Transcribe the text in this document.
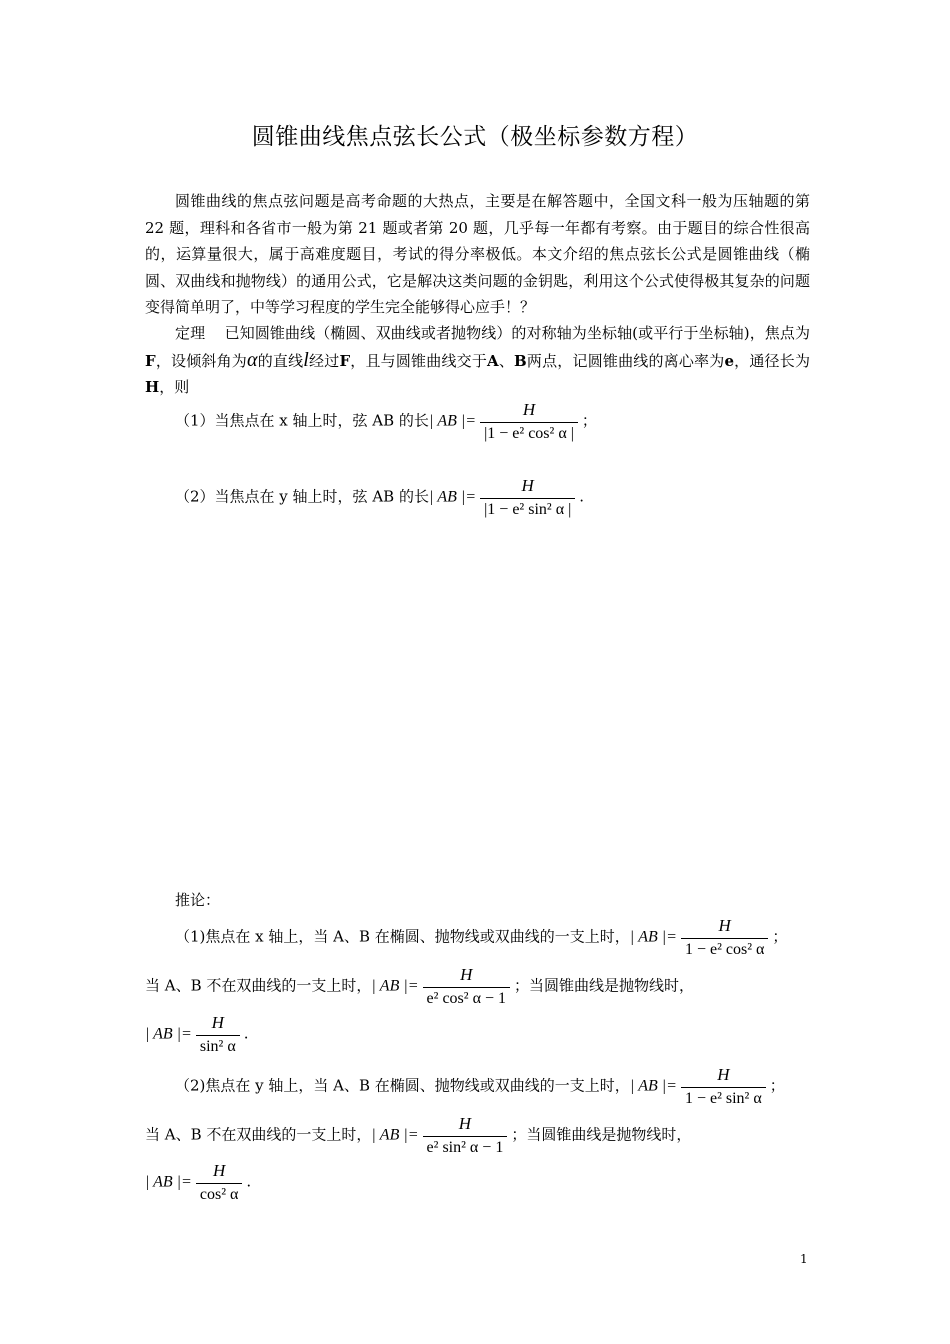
圆锥曲线焦点弦长公式（极坐标参数方程）
圆锥曲线的焦点弦问题是高考命题的大热点，主要是在解答题中，全国文科一般为压轴题的第 22 题，理科和各省市一般为第 21 题或者第 20 题，几乎每一年都有考察。由于题目的综合性很高的，运算量很大，属于高难度题目，考试的得分率极低。本文介绍的焦点弦长公式是圆锥曲线（椭圆、双曲线和抛物线）的通用公式，它是解决这类问题的金钥匙，利用这个公式使得极其复杂的问题变得简单明了，中等学习程度的学生完全能够得心应手！？
定理 已知圆锥曲线（椭圆、双曲线或者抛物线）的对称轴为坐标轴(或平行于坐标轴)，焦点为F，设倾斜角为α的直线l经过F，且与圆锥曲线交于A、B两点，记圆锥曲线的离心率为e，通径长为H，则
（1）当焦点在 x 轴上时，弦 AB 的长| AB |= $\frac{H}{\text{|1 − e² cos² α |}}$ ；
（2）当焦点在 y 轴上时，弦 AB 的长| AB |= $\frac{H}{\text{|1 − e² sin² α |}}$ .
推论：
（1)焦点在 x 轴上，当 A、B 在椭圆、抛物线或双曲线的一支上时，| AB |= $\frac{H}{\text{1 − e² cos² α}}$ ；
当 A、B 不在双曲线的一支上时，| AB |= $\frac{H}{\text{e² cos² α − 1}}$ ；当圆锥曲线是抛物线时，
| AB |= $\frac{H}{\text{sin² α}}$ .
（2)焦点在 y 轴上，当 A、B 在椭圆、抛物线或双曲线的一支上时，| AB |= $\frac{H}{\text{1 − e² sin² α}}$ ；
当 A、B 不在双曲线的一支上时，| AB |= $\frac{H}{\text{e² sin² α − 1}}$ ；当圆锥曲线是抛物线时，
| AB |= $\frac{H}{\text{cos² α}}$ .
1
